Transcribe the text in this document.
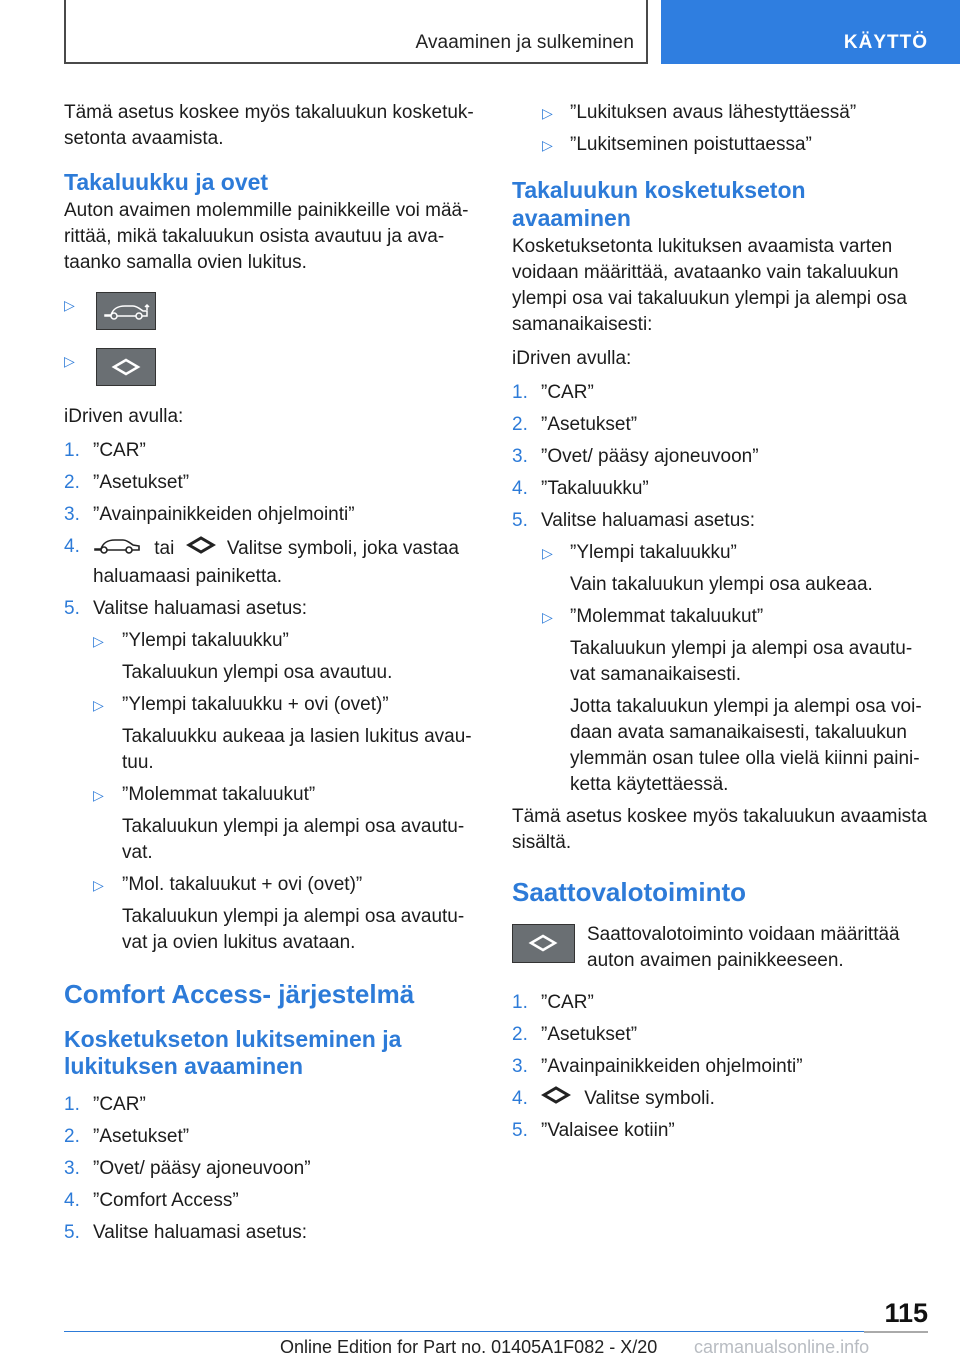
Avaaminen ja sulkeminen	KÄYTTÖ

Tämä asetus koskee myös takaluukun kosketuk-setonta avaamista.

Takaluukku ja ovet

Auton avaimen molemmille painikkeille voi mää-rittää, mikä takaluukun osista avautuu ja ava-taanko samalla ovien lukitus.

▷
▷

iDriven avulla:

1. ”CAR”
2. ”Asetukset”
3. ”Avainpainikkeiden ohjelmointi”
4.	tai	Valitse symboli, joka vastaa haluamaasi painiketta.
5. Valitse haluamasi asetus:
▷ ”Ylempi takaluukku”
Takaluukun ylempi osa avautuu.
▷ ”Ylempi takaluukku + ovi (ovet)”
Takaluukku aukeaa ja lasien lukitus avau-tuu.
▷ ”Molemmat takaluukut”
Takaluukun ylempi ja alempi osa avautu-vat.
▷ ”Mol. takaluukut + ovi (ovet)”
Takaluukun ylempi ja alempi osa avautu-vat ja ovien lukitus avataan.
Comfort Access- järjestelmä
Kosketukseton lukitseminen ja lukituksen avaaminen
1. ”CAR”
2. ”Asetukset”
3. ”Ovet/ pääsy ajoneuvoon”
4. ”Comfort Access”
5. Valitse haluamasi asetus:
▷ ”Lukituksen avaus lähestyttäessä”
▷ ”Lukitseminen poistuttaessa”
Takaluukun kosketukseton avaaminen

Kosketuksetonta lukituksen avaamista varten voidaan määrittää, avataanko vain takaluukun ylempi osa vai takaluukun ylempi ja alempi osa samanaikaisesti:

iDriven avulla:

1. ”CAR”
2. ”Asetukset”
3. ”Ovet/ pääsy ajoneuvoon”
4. ”Takaluukku”
5. Valitse haluamasi asetus:
▷ ”Ylempi takaluukku”
Vain takaluukun ylempi osa aukeaa.
▷ ”Molemmat takaluukut”
Takaluukun ylempi ja alempi osa avautu-vat samanaikaisesti.
Jotta takaluukun ylempi ja alempi osa voi-daan avata samanaikaisesti, takaluukun ylemmän osan tulee olla vielä kiinni paini-ketta käytettäessä.

Tämä asetus koskee myös takaluukun avaamista sisältä.

Saattovalotoiminto
Saattovalotoiminto voidaan määrittää auton avaimen painikkeeseen.
1. ”CAR”
2. ”Asetukset”
3. ”Avainpainikkeiden ohjelmointi”
4.	Valitse symboli.
5. ”Valaisee kotiin”
115
Online Edition for Part no. 01405A1F082 - X/20 carmanualsonline.info
